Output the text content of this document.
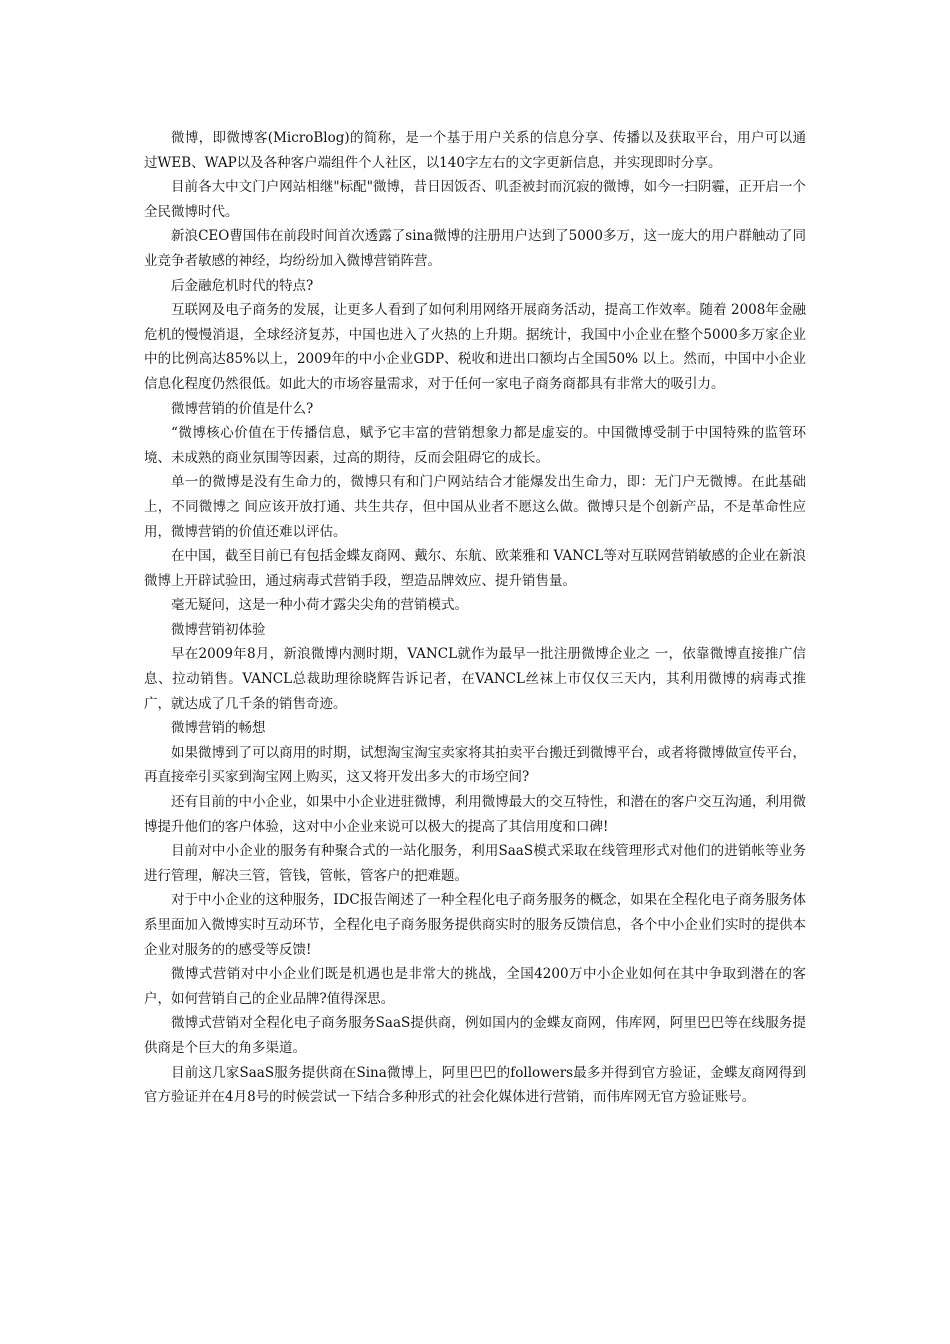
微博，即微博客(MicroBlog)的简称，是一个基于用户关系的信息分享、传播以及获取平台，用户可以通过WEB、WAP以及各种客户端组件个人社区，以140字左右的文字更新信息，并实现即时分享。

目前各大中文门户网站相继"标配"微博，昔日因饭否、叽歪被封而沉寂的微博，如今一扫阴霾，正开启一个全民微博时代。

新浪CEO曹国伟在前段时间首次透露了sina微博的注册用户达到了5000多万，这一庞大的用户群触动了同业竞争者敏感的神经，均纷纷加入微博营销阵营。

后金融危机时代的特点?

互联网及电子商务的发展，让更多人看到了如何利用网络开展商务活动，提高工作效率。随着 2008年金融危机的慢慢消退，全球经济复苏，中国也进入了火热的上升期。据统计，我国中小企业在整个5000多万家企业中的比例高达85%以上，2009年的中小企业GDP、税收和进出口额均占全国50% 以上。然而，中国中小企业信息化程度仍然很低。如此大的市场容量需求，对于任何一家电子商务商都具有非常大的吸引力。

微博营销的价值是什么?

“微博核心价值在于传播信息，赋予它丰富的营销想象力都是虚妄的。中国微博受制于中国特殊的监管环境、未成熟的商业氛围等因素，过高的期待，反而会阻碍它的成长。

单一的微博是没有生命力的，微博只有和门户网站结合才能爆发出生命力，即：无门户无微博。在此基础上，不同微博之 间应该开放打通、共生共存，但中国从业者不愿这么做。微博只是个创新产品，不是革命性应用，微博营销的价值还难以评估。

在中国，截至目前已有包括金蝶友商网、戴尔、东航、欧莱雅和 VANCL等对互联网营销敏感的企业在新浪微博上开辟试验田，通过病毒式营销手段，塑造品牌效应、提升销售量。

毫无疑问，这是一种小荷才露尖尖角的营销模式。

微博营销初体验

早在2009年8月，新浪微博内测时期，VANCL就作为最早一批注册微博企业之 一，依靠微博直接推广信息、拉动销售。VANCL总裁助理徐晓辉告诉记者，在VANCL丝袜上市仅仅三天内，其利用微博的病毒式推广，就达成了几千条的销售奇迹。

微博营销的畅想

如果微博到了可以商用的时期，试想淘宝淘宝卖家将其拍卖平台搬迁到微博平台，或者将微博做宣传平台，再直接牵引买家到淘宝网上购买，这又将开发出多大的市场空间?

还有目前的中小企业，如果中小企业进驻微博，利用微博最大的交互特性，和潜在的客户交互沟通，利用微博提升他们的客户体验，这对中小企业来说可以极大的提高了其信用度和口碑!

目前对中小企业的服务有种聚合式的一站化服务，利用SaaS模式采取在线管理形式对他们的进销帐等业务进行管理，解决三管，管钱，管帐，管客户的把难题。

对于中小企业的这种服务，IDC报告阐述了一种全程化电子商务服务的概念，如果在全程化电子商务服务体系里面加入微博实时互动环节，全程化电子商务服务提供商实时的服务反馈信息，各个中小企业们实时的提供本企业对服务的的感受等反馈!

微博式营销对中小企业们既是机遇也是非常大的挑战，全国4200万中小企业如何在其中争取到潜在的客户，如何营销自己的企业品牌?值得深思。

微博式营销对全程化电子商务服务SaaS提供商，例如国内的金蝶友商网，伟库网，阿里巴巴等在线服务提供商是个巨大的角多渠道。

目前这几家SaaS服务提供商在Sina微博上，阿里巴巴的followers最多并得到官方验证，金蝶友商网得到官方验证并在4月8号的时候尝试一下结合多种形式的社会化媒体进行营销，而伟库网无官方验证账号。
